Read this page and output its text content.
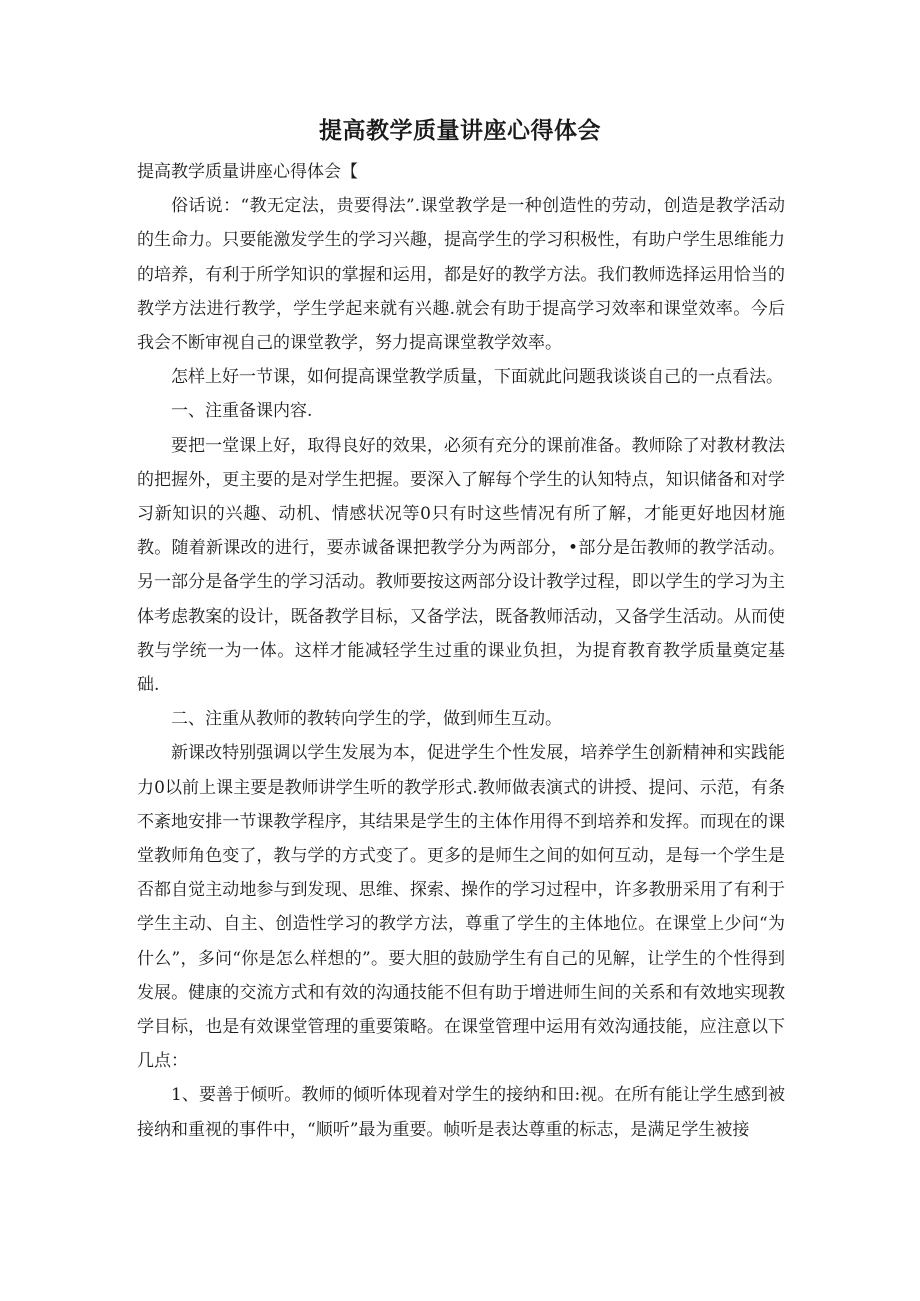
提高教学质量讲座心得体会

提高教学质量讲座心得体会【

俗话说：“教无定法，贵要得法”.课堂教学是一种创造性的劳动，创造是教学活动的生命力。只要能激发学生的学习兴趣，提高学生的学习积极性，有助户学生思维能力的培养，有利于所学知识的掌握和运用，都是好的教学方法。我们教师选择运用恰当的教学方法进行教学，学生学起来就有兴趣.就会有助于提高学习效率和课堂效率。今后我会不断审视自己的课堂教学，努力提高课堂教学效率。

怎样上好一节课，如何提高课堂教学质量，下面就此问题我谈谈自己的一点看法。

一、注重备课内容.

要把一堂课上好，取得良好的效果，必须有充分的课前准备。教师除了对教材教法的把握外，更主要的是对学生把握。要深入了解每个学生的认知特点，知识储备和对学习新知识的兴趣、动机、情感状况等0只有时这些情况有所了解，才能更好地因材施教。随着新课改的进行，要赤诚备课把教学分为两部分，•部分是缶教师的教学活动。另一部分是备学生的学习活动。教师要按这两部分设计教学过程，即以学生的学习为主体考虑教案的设计，既备教学目标，又备学法，既备教师活动，又备学生活动。从而使教与学统一为一体。这样才能减轻学生过重的课业负担，为提育教育教学质量奠定基础.

二、注重从教师的教转向学生的学，做到师生互动。

新课改特别强调以学生发展为本，促进学生个性发展，培养学生创新精神和实践能力0以前上课主要是教师讲学生听的教学形式.教师做表演式的讲授、提问、示范，有条不紊地安排一节课教学程序，其结果是学生的主体作用得不到培养和发挥。而现在的课堂教师角色变了，教与学的方式变了。更多的是师生之间的如何互动，是每一个学生是否都自觉主动地参与到发现、思维、探索、操作的学习过程中，许多教册采用了有利于学生主动、自主、创造性学习的教学方法，尊重了学生的主体地位。在课堂上少问“为什么”，多问“你是怎么样想的”。要大胆的鼓励学生有自己的见解，让学生的个性得到发展。健康的交流方式和有效的沟通技能不但有助于增进师生间的关系和有效地实现教学目标，也是有效课堂管理的重要策略。在课堂管理中运用有效沟通技能，应注意以下几点：

1、要善于倾听。教师的倾听体现着对学生的接纳和田:视。在所有能让学生感到被接纳和重视的事件中，“顺听”最为重要。帧听是表达尊重的标志，是满足学生被接
